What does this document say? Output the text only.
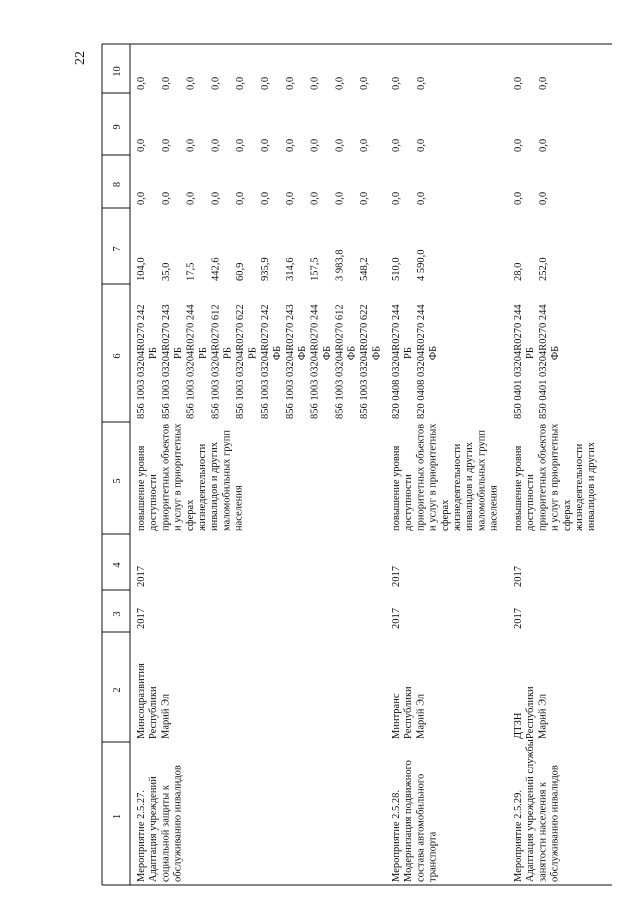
22
1
2
3
4
5
6
7
8
9
10
Мероприятие 2.5.27. Адаптация учреждений социальной защиты к обслуживанию инвалидов
Минсоцразвития Республики Марий Эл
2017
2017
повышение уровня доступности приоритетных объектов и услуг в приоритетных сферах жизнедеятельности инвалидов и других маломобильных групп населения
856 1003 03204R0270 242 РБ
104,0
0,0
0,0
0,0
856 1003 03204R0270 243 РБ
35,0
0,0
0,0
0,0
856 1003 03204R0270 244 РБ
17,5
0,0
0,0
0,0
856 1003 03204R0270 612 РБ
442,6
0,0
0,0
0,0
856 1003 03204R0270 622 РБ
60,9
0,0
0,0
0,0
856 1003 03204R0270 242 ФБ
935,9
0,0
0,0
0,0
856 1003 03204R0270 243 ФБ
314,6
0,0
0,0
0,0
856 1003 03204R0270 244 ФБ
157,5
0,0
0,0
0,0
856 1003 03204R0270 612 ФБ
3 983,8
0,0
0,0
0,0
856 1003 03204R0270 622 ФБ
548,2
0,0
0,0
0,0
Мероприятие 2.5.28. Модернизация подвижного состава автомобильного транспорта
Минтранс Республики Марий Эл
2017
2017
повышение уровня доступности приоритетных объектов и услуг в приоритетных сферах жизнедеятельности инвалидов и других маломобильных групп населения
820 0408 03204R0270 244 РБ
510,0
0,0
0,0
0,0
820 0408 03204R0270 244 ФБ
4 590,0
0,0
0,0
0,0
Мероприятие 2.5.29. Адаптация учреждений службы занятости населения к обслуживанию инвалидов
ДТЗН Республики Марий Эл
2017
2017
повышение уровня доступности приоритетных объектов и услуг в приоритетных сферах жизнедеятельности инвалидов и других
850 0401 03204R0270 244 РБ
28,0
0,0
0,0
0,0
850 0401 03204R0270 244 ФБ
252,0
0,0
0,0
0,0
